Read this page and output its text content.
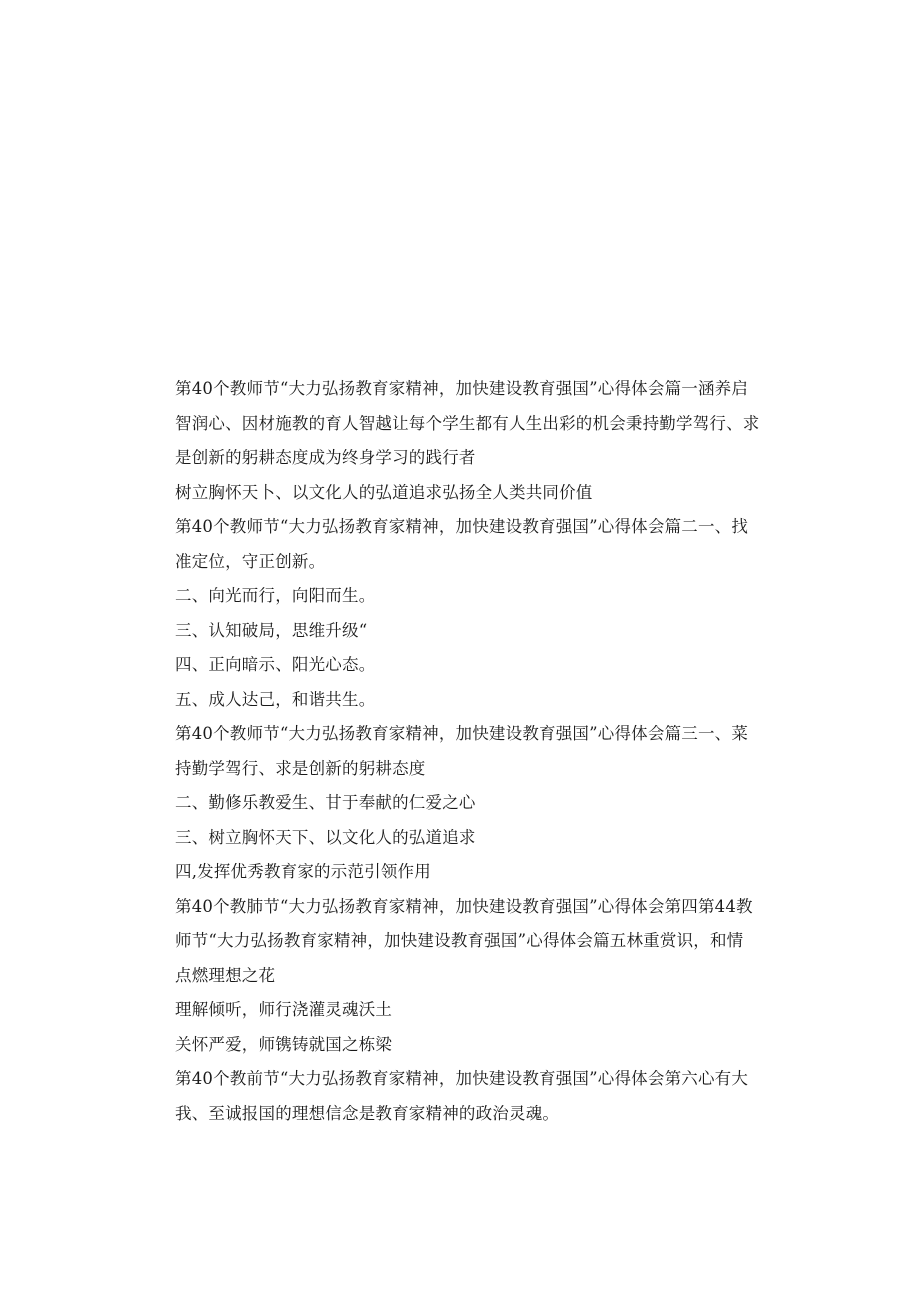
第40个教师节“大力弘扬教育家精神，加快建设教育强国”心得体会篇一涵养启
智润心、因材施教的育人智越让每个学生都有人生出彩的机会秉持勤学驾行、求
是创新的躬耕态度成为终身学习的践行者
树立胸怀天卜、以文化人的弘道追求弘扬全人类共同价值
第40个教师节“大力弘扬教育家精神，加快建设教育强国”心得体会篇二一、找
准定位，守正创新。
二、向光而行，向阳而生。
三、认知破局，思维升级“
四、正向暗示、阳光心态。
五、成人达己，和谐共生。
第40个教师节“大力弘扬教育家精神，加快建设教育强国”心得体会篇三一、菜
持勤学驾行、求是创新的躬耕态度
二、勤修乐教爱生、甘于奉献的仁爱之心
三、树立胸怀天下、以文化人的弘道追求
四,发挥优秀教育家的示范引领作用
第40个教肺节“大力弘扬教育家精神，加快建设教育强国”心得体会第四第44教
师节“大力弘扬教育家精神，加快建设教育强国”心得体会篇五林重赏识，和情
点燃理想之花
理解倾听，师行浇灌灵魂沃土
关怀严爱，师镌铸就国之栋梁
第40个教前节“大力弘扬教育家精神，加快建设教育强国”心得体会第六心有大
我、至诚报国的理想信念是教育家精神的政治灵魂。
